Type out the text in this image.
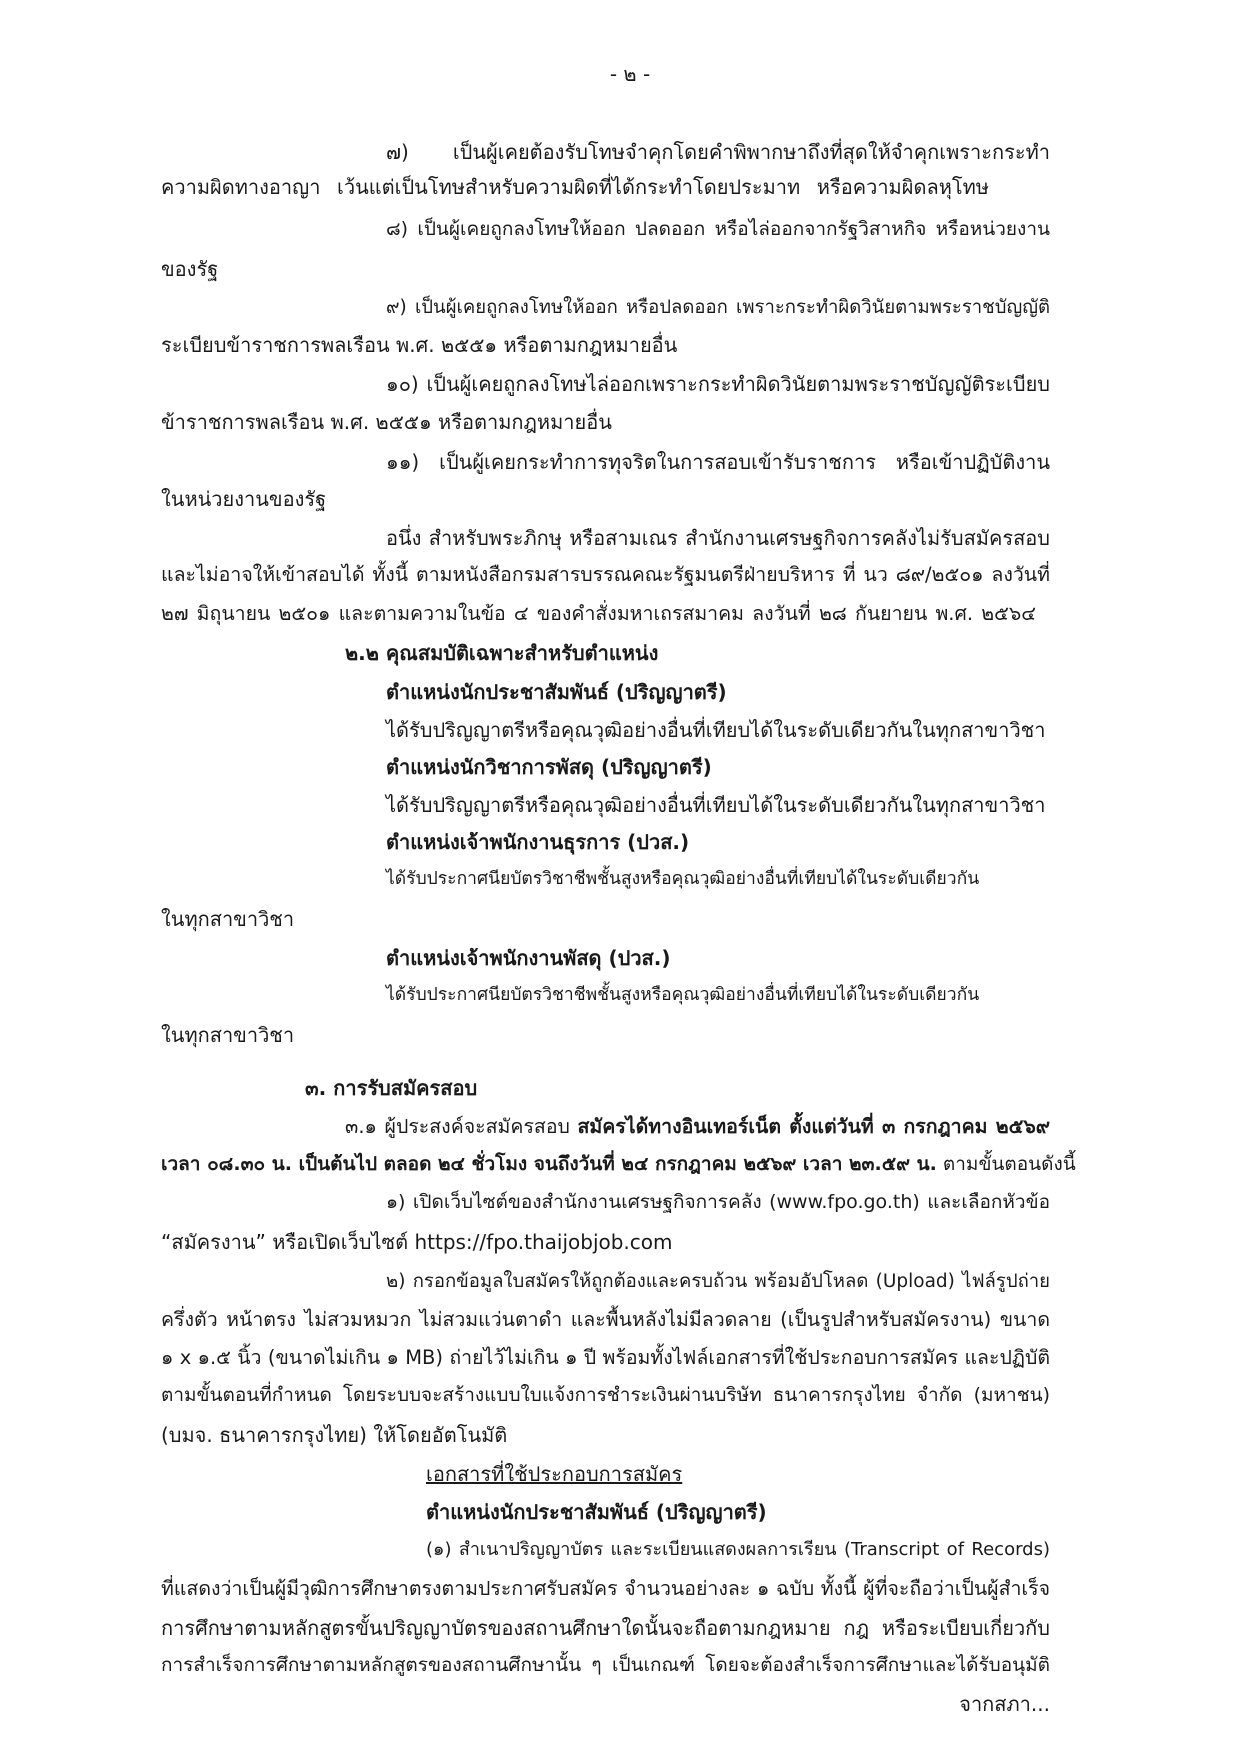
- ๒ -

๗) เป็นผู้เคยต้องรับโทษจำคุกโดยคำพิพากษาถึงที่สุดให้จำคุกเพราะกระทำ

ความผิดทางอาญา เว้นแต่เป็นโทษสำหรับความผิดที่ได้กระทำโดยประมาท หรือความผิดลหุโทษ

๘) เป็นผู้เคยถูกลงโทษให้ออก ปลดออก หรือไล่ออกจากรัฐวิสาหกิจ หรือหน่วยงาน

ของรัฐ

๙) เป็นผู้เคยถูกลงโทษให้ออก หรือปลดออก เพราะกระทำผิดวินัยตามพระราชบัญญัติ

ระเบียบข้าราชการพลเรือน พ.ศ. ๒๕๕๑ หรือตามกฎหมายอื่น

๑๐) เป็นผู้เคยถูกลงโทษไล่ออกเพราะกระทำผิดวินัยตามพระราชบัญญัติระเบียบ

ข้าราชการพลเรือน พ.ศ. ๒๕๕๑ หรือตามกฎหมายอื่น

๑๑) เป็นผู้เคยกระทำการทุจริตในการสอบเข้ารับราชการ หรือเข้าปฏิบัติงาน

ในหน่วยงานของรัฐ

อนึ่ง สำหรับพระภิกษุ หรือสามเณร สำนักงานเศรษฐกิจการคลังไม่รับสมัครสอบ

และไม่อาจให้เข้าสอบได้ ทั้งนี้ ตามหนังสือกรมสารบรรณคณะรัฐมนตรีฝ่ายบริหาร ที่ นว ๘๙/๒๕๐๑ ลงวันที่

๒๗ มิถุนายน ๒๕๐๑ และตามความในข้อ ๔ ของคำสั่งมหาเถรสมาคม ลงวันที่ ๒๘ กันยายน พ.ศ. ๒๕๖๔

๒.๒ คุณสมบัติเฉพาะสำหรับตำแหน่ง

ตำแหน่งนักประชาสัมพันธ์ (ปริญญาตรี)

ได้รับปริญญาตรีหรือคุณวุฒิอย่างอื่นที่เทียบได้ในระดับเดียวกันในทุกสาขาวิชา

ตำแหน่งนักวิชาการพัสดุ (ปริญญาตรี)

ได้รับปริญญาตรีหรือคุณวุฒิอย่างอื่นที่เทียบได้ในระดับเดียวกันในทุกสาขาวิชา

ตำแหน่งเจ้าพนักงานธุรการ (ปวส.)

ได้รับประกาศนียบัตรวิชาชีพชั้นสูงหรือคุณวุฒิอย่างอื่นที่เทียบได้ในระดับเดียวกัน

ในทุกสาขาวิชา

ตำแหน่งเจ้าพนักงานพัสดุ (ปวส.)

ได้รับประกาศนียบัตรวิชาชีพชั้นสูงหรือคุณวุฒิอย่างอื่นที่เทียบได้ในระดับเดียวกัน

ในทุกสาขาวิชา

๓. การรับสมัครสอบ

๓.๑ ผู้ประสงค์จะสมัครสอบ สมัครได้ทางอินเทอร์เน็ต ตั้งแต่วันที่ ๓ กรกฎาคม ๒๕๖๙

เวลา ๐๘.๓๐ น. เป็นต้นไป ตลอด ๒๔ ชั่วโมง จนถึงวันที่ ๒๔ กรกฎาคม ๒๕๖๙ เวลา ๒๓.๕๙ น. ตามขั้นตอนดังนี้

๑) เปิดเว็บไซต์ของสำนักงานเศรษฐกิจการคลัง (www.fpo.go.th) และเลือกหัวข้อ

“สมัครงาน” หรือเปิดเว็บไซต์ https://fpo.thaijobjob.com

๒) กรอกข้อมูลใบสมัครให้ถูกต้องและครบถ้วน พร้อมอัปโหลด (Upload) ไฟล์รูปถ่าย

ครึ่งตัว หน้าตรง ไม่สวมหมวก ไม่สวมแว่นตาดำ และพื้นหลังไม่มีลวดลาย (เป็นรูปสำหรับสมัครงาน) ขนาด

๑ x ๑.๕ นิ้ว (ขนาดไม่เกิน ๑ MB) ถ่ายไว้ไม่เกิน ๑ ปี พร้อมทั้งไฟล์เอกสารที่ใช้ประกอบการสมัคร และปฏิบัติ

ตามขั้นตอนที่กำหนด โดยระบบจะสร้างแบบใบแจ้งการชำระเงินผ่านบริษัท ธนาคารกรุงไทย จำกัด (มหาชน)

(บมจ. ธนาคารกรุงไทย) ให้โดยอัตโนมัติ

เอกสารที่ใช้ประกอบการสมัคร

ตำแหน่งนักประชาสัมพันธ์ (ปริญญาตรี)

(๑) สำเนาปริญญาบัตร และระเบียนแสดงผลการเรียน (Transcript of Records)

ที่แสดงว่าเป็นผู้มีวุฒิการศึกษาตรงตามประกาศรับสมัคร จำนวนอย่างละ ๑ ฉบับ ทั้งนี้ ผู้ที่จะถือว่าเป็นผู้สำเร็จ

การศึกษาตามหลักสูตรขั้นปริญญาบัตรของสถานศึกษาใดนั้นจะถือตามกฎหมาย กฎ หรือระเบียบเกี่ยวกับ

การสำเร็จการศึกษาตามหลักสูตรของสถานศึกษานั้น ๆ เป็นเกณฑ์ โดยจะต้องสำเร็จการศึกษาและได้รับอนุมัติ

จากสภา...
